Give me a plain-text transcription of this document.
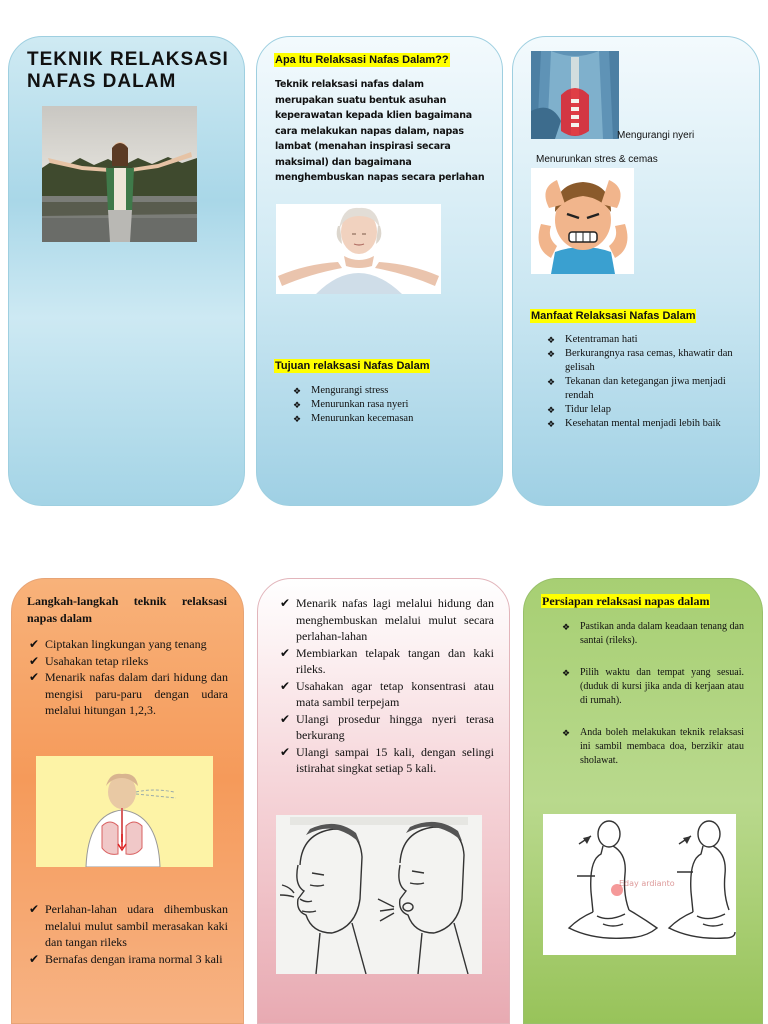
TEKNIK RELAKSASI
NAFAS DALAM
Apa Itu Relaksasi Nafas Dalam??
Teknik relaksasi nafas dalam merupakan suatu bentuk asuhan keperawatan kepada klien bagaimana cara melakukan napas dalam, napas lambat (menahan inspirasi secara maksimal) dan bagaimana menghembuskan napas secara perlahan
Tujuan relaksasi Nafas Dalam
❖ Mengurangi stress
❖ Menurunkan rasa nyeri
❖ Menurunkan kecemasan
Mengurangi nyeri
Menurunkan stres & cemas
Manfaat Relaksasi Nafas Dalam
❖ Ketentraman hati
❖ Berkurangnya rasa cemas, khawatir dan gelisah
❖ Tekanan dan ketegangan jiwa menjadi rendah
❖ Tidur lelap
❖ Kesehatan mental menjadi lebih baik
Langkah-langkah teknik relaksasi napas dalam
✔ Ciptakan lingkungan yang tenang
✔ Usahakan tetap rileks
✔ Menarik nafas dalam dari hidung dan mengisi paru-paru dengan udara melalui hitungan 1,2,3.
✔ Perlahan-lahan udara dihembuskan melalui mulut sambil merasakan kaki dan tangan rileks
✔ Bernafas dengan irama normal 3 kali
✔ Menarik nafas lagi melalui hidung dan menghembuskan melalui mulut secara perlahan-lahan
✔ Membiarkan telapak tangan dan kaki rileks.
✔ Usahakan agar tetap konsentrasi atau mata sambil terpejam
✔ Ulangi prosedur hingga nyeri terasa berkurang
✔ Ulangi sampai 15 kali, dengan selingi istirahat singkat setiap 5 kali.
Persiapan relaksasi napas dalam
❖ Pastikan anda dalam keadaan tenang dan santai (rileks).
❖ Pilih waktu dan tempat yang sesuai. (duduk di kursi jika anda di kerjaan atau di rumah).
❖ Anda boleh melakukan teknik relaksasi ini sambil membaca doa, berzikir atau sholawat.
Eday ardianto
